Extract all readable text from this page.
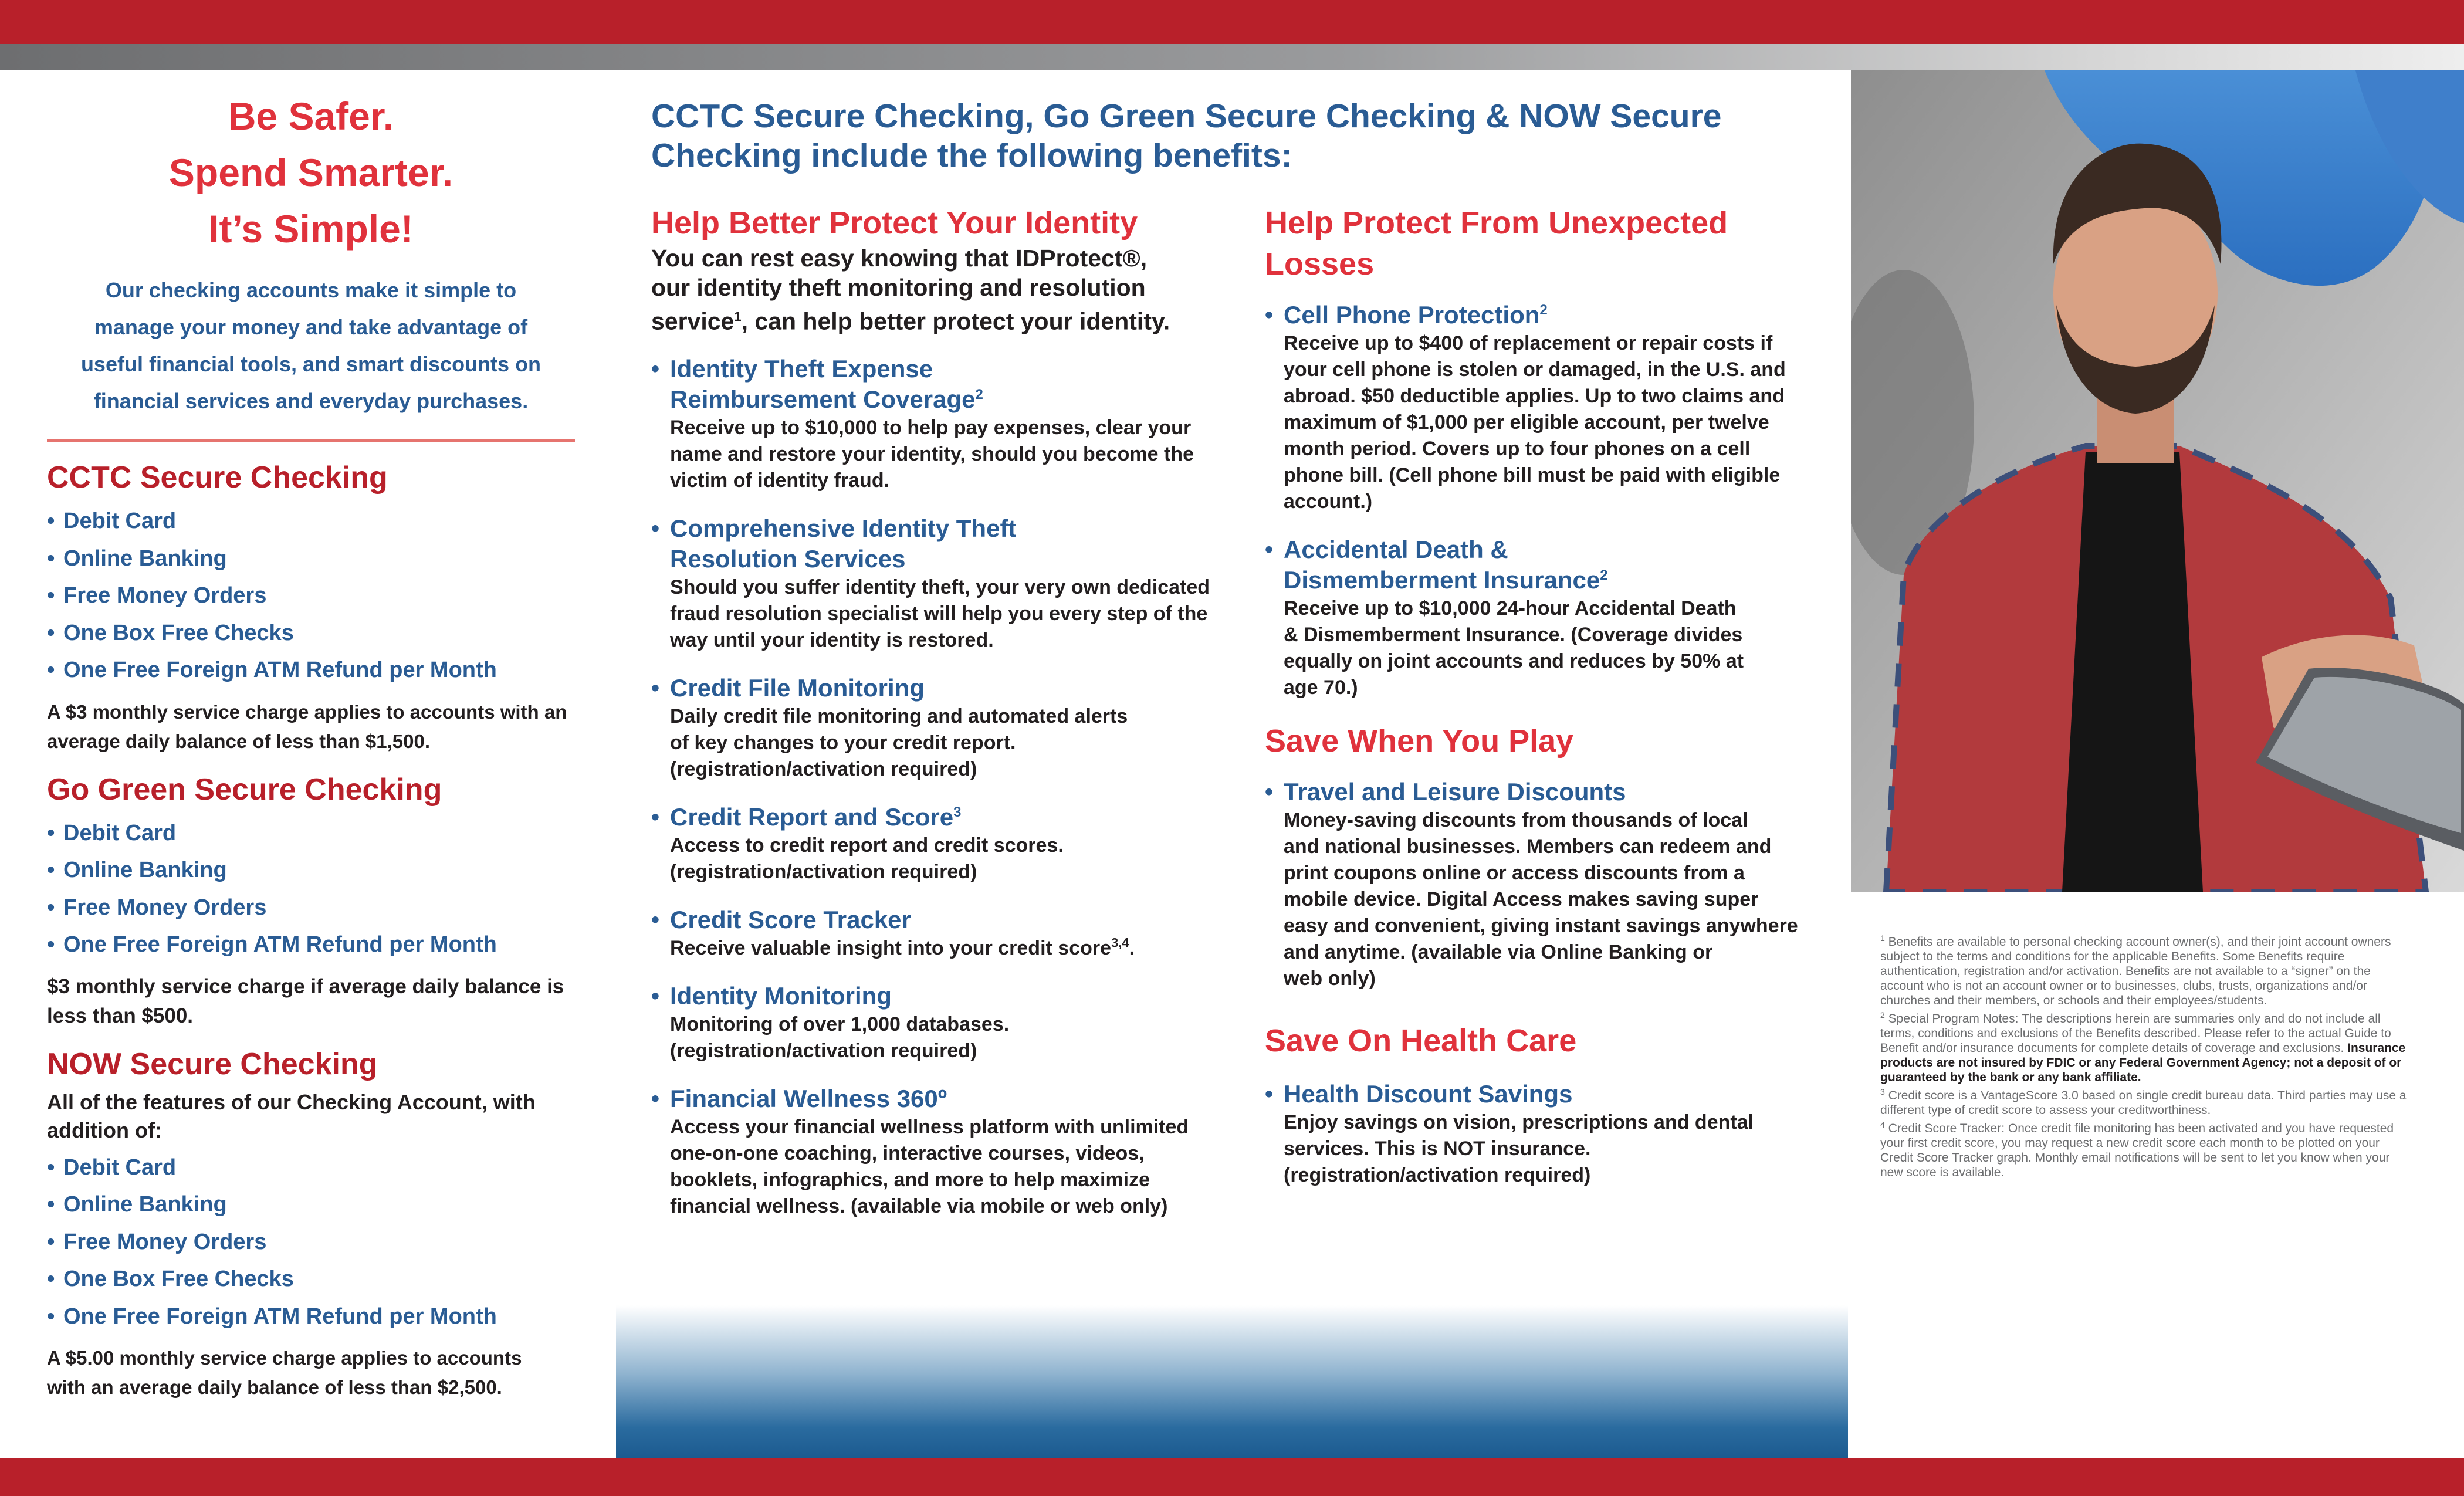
Be Safer.
Spend Smarter.
It’s Simple!

Our checking accounts make it simple to
manage your money and take advantage of
useful financial tools, and smart discounts on
financial services and everyday purchases.

CCTC Secure Checking
• Debit Card
• Online Banking
• Free Money Orders
• One Box Free Checks
• One Free Foreign ATM Refund per Month

A $3 monthly service charge applies to accounts with an
average daily balance of less than $1,500.

Go Green Secure Checking
• Debit Card
• Online Banking
• Free Money Orders
• One Free Foreign ATM Refund per Month

$3 monthly service charge if average daily balance is
less than $500.

NOW Secure Checking

All of the features of our Checking Account, with
addition of:

• Debit Card
• Online Banking
• Free Money Orders
• One Box Free Checks
• One Free Foreign ATM Refund per Month

A $5.00 monthly service charge applies to accounts
with an average daily balance of less than $2,500.

CCTC Secure Checking, Go Green Secure Checking & NOW Secure
Checking include the following benefits:
Help Better Protect Your Identity

You can rest easy knowing that IDProtect®,
our identity theft monitoring and resolution
service$^1$, can help better protect your identity.

• Identity Theft Expense
Reimbursement Coverage$^2$

Receive up to $10,000 to help pay expenses, clear your
name and restore your identity, should you become the
victim of identity fraud.

• Comprehensive Identity Theft
Resolution Services

Should you suffer identity theft, your very own dedicated
fraud resolution specialist will help you every step of the
way until your identity is restored.

• Credit File Monitoring

Daily credit file monitoring and automated alerts
of key changes to your credit report.
(registration/activation required)

• Credit Report and Score$^3$

Access to credit report and credit scores.
(registration/activation required)

• Credit Score Tracker

Receive valuable insight into your credit score$^{3,4}$.

• Identity Monitoring

Monitoring of over 1,000 databases.
(registration/activation required)

• Financial Wellness 360º

Access your financial wellness platform with unlimited
one-on-one coaching, interactive courses, videos,
booklets, infographics, and more to help maximize
financial wellness. (available via mobile or web only)

Help Protect From Unexpected Losses
• Cell Phone Protection$^2$

Receive up to $400 of replacement or repair costs if
your cell phone is stolen or damaged, in the U.S. and
abroad. $50 deductible applies. Up to two claims and
maximum of $1,000 per eligible account, per twelve
month period. Covers up to four phones on a cell
phone bill. (Cell phone bill must be paid with eligible
account.)

• Accidental Death &
Dismemberment Insurance$^2$

Receive up to $10,000 24-hour Accidental Death
& Dismemberment Insurance. (Coverage divides
equally on joint accounts and reduces by 50% at
age 70.)

Save When You Play
• Travel and Leisure Discounts

Money-saving discounts from thousands of local
and national businesses. Members can redeem and
print coupons online or access discounts from a
mobile device. Digital Access makes saving super
easy and convenient, giving instant savings anywhere
and anytime. (available via Online Banking or
web only)

Save On Health Care
• Health Discount Savings

Enjoy savings on vision, prescriptions and dental
services. This is NOT insurance.
(registration/activation required)

$^1$ Benefits are available to personal checking account owner(s), and their joint account owners subject to the terms and conditions for the applicable Benefits. Some Benefits require authentication, registration and/or activation. Benefits are not available to a “signer” on the account who is not an account owner or to businesses, clubs, trusts, organizations and/or churches and their members, or schools and their employees/students.

$^2$ Special Program Notes: The descriptions herein are summaries only and do not include all terms, conditions and exclusions of the Benefits described. Please refer to the actual Guide to Benefit and/or insurance documents for complete details of coverage and exclusions. Insurance products are not insured by FDIC or any Federal Government Agency; not a deposit of or guaranteed by the bank or any bank affiliate.

$^3$ Credit score is a VantageScore 3.0 based on single credit bureau data. Third parties may use a different type of credit score to assess your creditworthiness.

$^4$ Credit Score Tracker: Once credit file monitoring has been activated and you have requested your first credit score, you may request a new credit score each month to be plotted on your Credit Score Tracker graph. Monthly email notifications will be sent to let you know when your new score is available.
